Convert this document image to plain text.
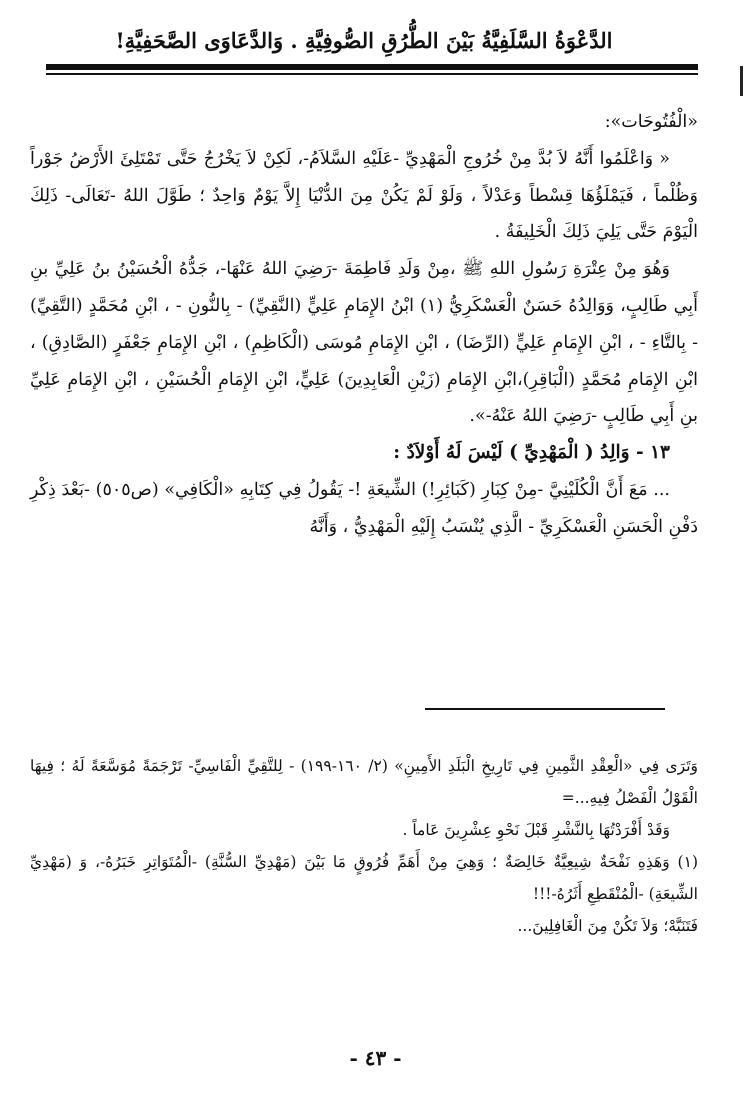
الدَّعْوَةُ السَّلَفِيَّةُ بَيْنَ الطُّرُقِ الصُّوفِيَّةِ . وَالدَّعَاوَى الصَّحَفِيَّةِ!

«الْفُتُوحَات»:

« وَاعْلَمُوا أَنَّهُ لاَ بُدَّ مِنْ خُرُوجِ الْمَهْدِيِّ -عَلَيْهِ السَّلاَمُ-، لَكِنْ لاَ يَخْرُجُ حَتَّى تَمْتَلِئَ الأَرْضُ جَوْراً وَظُلْماً ، فَيَمْلَؤُهَا قِسْطاً وَعَدْلاً ، وَلَوْ لَمْ يَكُنْ مِنَ الدُّنْيَا إِلاَّ يَوْمٌ وَاحِدٌ ؛ طَوَّلَ اللهُ -تَعَالَى- ذَلِكَ الْيَوْمَ حَتَّى يَلِيَ ذَلِكَ الْخَلِيفَةُ .

وَهُوَ مِنْ عِتْرَةِ رَسُولِ اللهِ ﷺ ،مِنْ وَلَدِ فَاطِمَةَ -رَضِيَ اللهُ عَنْهَا-، جَدُّهُ الْحُسَيْنُ بنُ عَلِيِّ بنِ أَبِي طَالِبٍ، وَوَالِدُهُ حَسَنٌ الْعَسْكَرِيُّ (١) ابْنُ الإِمَامِ عَلِيٍّ (النَّقِيِّ) - بِالنُّونِ - ، ابْنِ مُحَمَّدٍ (التَّقِيِّ) - بِالتَّاءِ - ، ابْنِ الإِمَامِ عَلِيٍّ (الرِّضَا) ، ابْنِ الإِمَامِ مُوسَى (الْكَاظِمِ) ، ابْنِ الإِمَامِ جَعْفَرٍ (الصَّادِقِ) ، ابْنِ الإِمَامِ مُحَمَّدٍ (الْبَاقِرِ)،ابْنِ الإِمَامِ (زَيْنِ الْعَابِدِينَ) عَلِيٍّ، ابْنِ الإِمَامِ الْحُسَيْنِ ، ابْنِ الإِمَامِ عَلِيِّ بنِ أَبِي طَالِبٍ -رَضِيَ اللهُ عَنْهُ-».

١٣ - وَالِدُ ( الْمَهْدِيِّ ) لَيْسَ لَهُ أَوْلاَدٌ :

... مَعَ أَنَّ الْكُلَيْنِيَّ -مِنْ كِبَارِ (كَبَائِرِ!) الشِّيعَةِ !- يَقُولُ فِي كِتَابِهِ «الْكَافِي» (ص٥٠٥) -بَعْدَ ذِكْرِ دَفْنِ الْحَسَنِ الْعَسْكَرِيِّ - الَّذِي يُنْسَبُ إِلَيْهِ الْمَهْدِيُّ ، وَأَنَّهُ

وَتَرَى فِي «الْعِقْدِ الثَّمِينِ فِي تَارِيخِ الْبَلَدِ الأَمِينِ» (٢/ ١٦٠-١٩٩) - لِلتَّقِيِّ الْفَاسِيِّ- تَرْجَمَةً مُوَسَّعَةً لَهُ ؛ فِيهَا الْقَوْلُ الْفَصْلُ فِيهِ...=

وَقَدْ أَفْرَدْتُهَا بِالنَّشْرِ قَبْلَ نَحْوِ عِشْرِينَ عَاماً .

(١) وَهَذِهِ نَفْحَةٌ شِيعِيَّةٌ خَالِصَةٌ ؛ وَهِيَ مِنْ أَهَمِّ فُرُوقٍ مَا بَيْنَ (مَهْدِيِّ السُّنَّةِ) -الْمُتَوَاتِرِ خَبَرُهُ-، وَ (مَهْدِيِّ الشِّيعَةِ) -الْمُنْقَطِعِ أَثَرُهُ-!!!

فَتَنَبَّهْ؛ وَلاَ تَكُنْ مِنَ الْغَافِلِينَ...

- ٤٣ -
